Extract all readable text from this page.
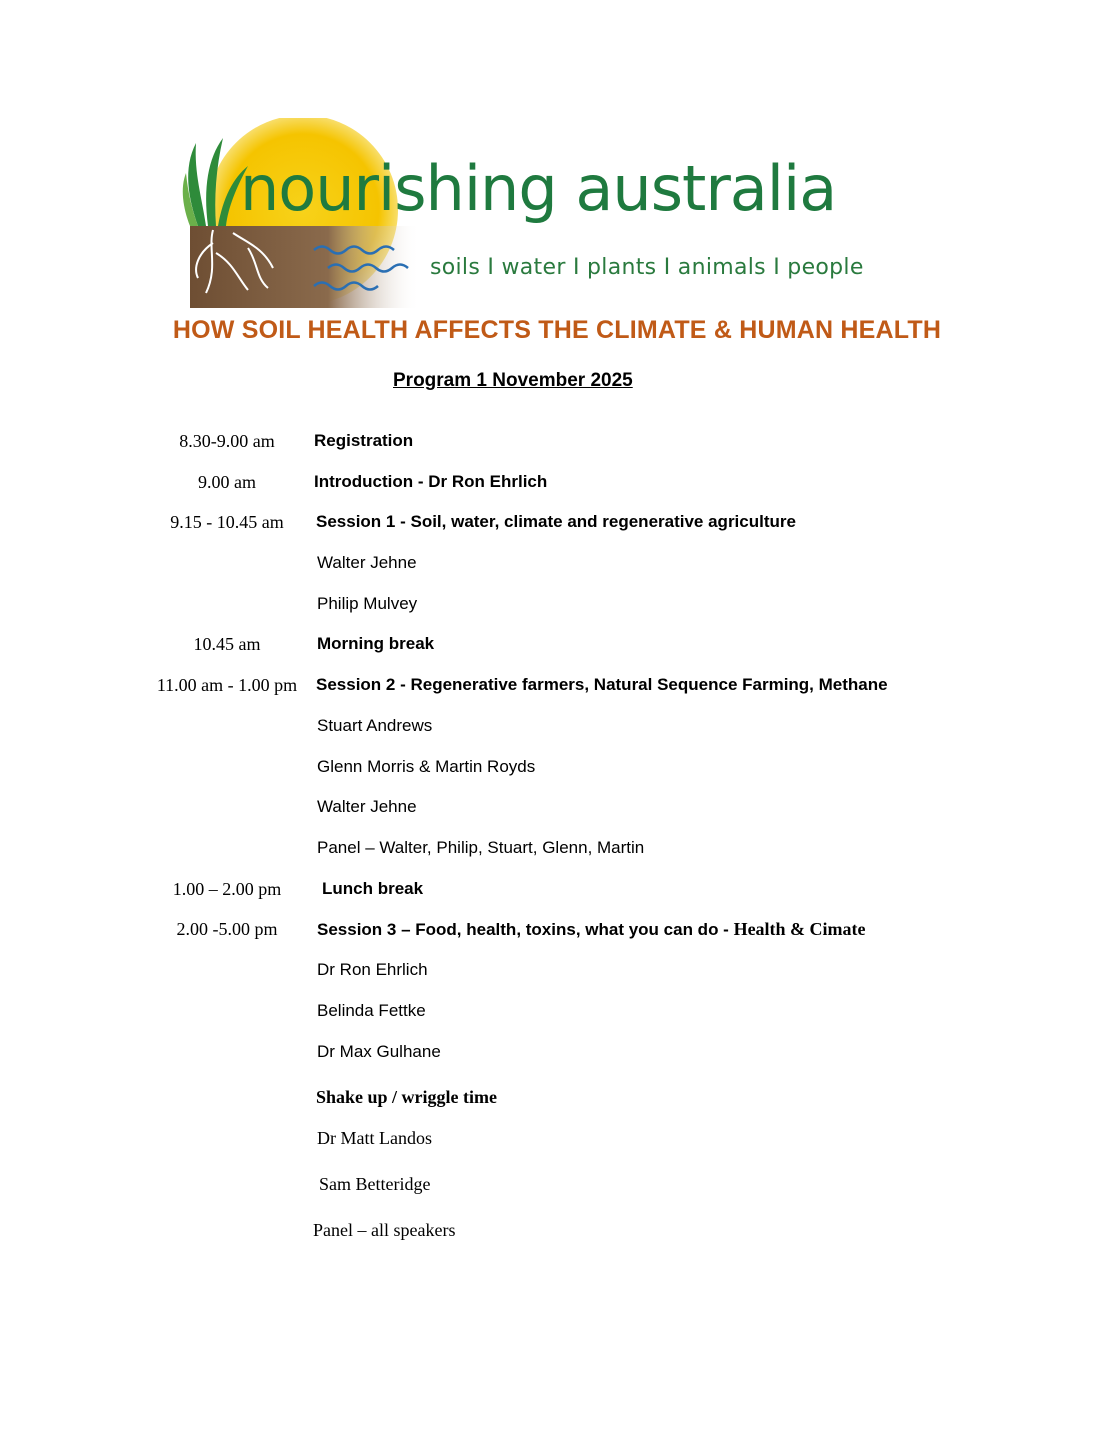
nourishing australia
soils I water I plants I animals I people
HOW SOIL HEALTH AFFECTS THE CLIMATE & HUMAN HEALTH
Program 1 November 2025
8.30-9.00 am	Registration
9.00 am	Introduction - Dr Ron Ehrlich
9.15 - 10.45 am	Session 1 - Soil, water, climate and regenerative agriculture
Walter Jehne
Philip Mulvey
10.45 am	Morning break
11.00 am - 1.00 pm	Session 2 - Regenerative farmers, Natural Sequence Farming, Methane
Stuart Andrews
Glenn Morris & Martin Royds
Walter Jehne
Panel – Walter, Philip, Stuart, Glenn, Martin
1.00 – 2.00 pm	Lunch break
2.00 -5.00 pm	Session 3 – Food, health, toxins, what you can do - Health & Cimate
Dr Ron Ehrlich
Belinda Fettke
Dr Max Gulhane
Shake up / wriggle time
Dr Matt Landos
Sam Betteridge
Panel – all speakers
